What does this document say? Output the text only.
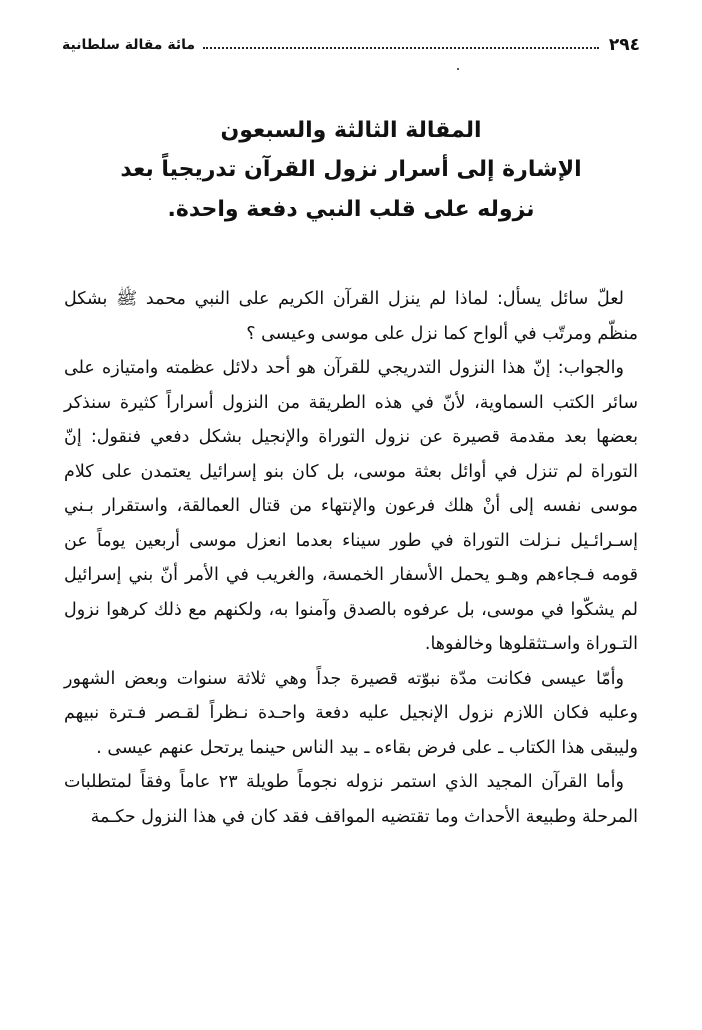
٢٩٤
مائة مقالة سلطانية
المقالة الثالثة والسبعون
الإشارة إلى أسرار نزول القرآن تدريجياً بعد
نزوله على قلب النبي دفعة واحدة.

لعلّ سائل يسأل: لماذا لم ينزل القرآن الكريم على النبي محمد ﷺ بشكل منظّم ومرتّب في ألواح كما نزل على موسى وعيسى ؟

والجواب: إنّ هذا النزول التدريجي للقرآن هو أحد دلائل عظمته وامتيازه على سائر الكتب السماوية، لأنّ في هذه الطريقة من النزول أسراراً كثيرة سنذكر بعضها بعد مقدمة قصيرة عن نزول التوراة والإنجيل بشكل دفعي فنقول: إنّ التوراة لم تنزل في أوائل بعثة موسى، بل كان بنو إسرائيل يعتمدن على كلام موسى نفسه إلى أنْ هلك فرعون والإنتهاء من قتال العمالقة، واستقرار بـني إسـرائـيل نـزلت التوراة في طور سيناء بعدما انعزل موسى أربعين يوماً عن قومه فـجاءهم وهـو يحمل الأسفار الخمسة، والغريب في الأمر أنّ بني إسرائيل لم يشكّوا في موسى، بل عرفوه بالصدق وآمنوا به، ولكنهم مع ذلك كرهوا نزول التـوراة واسـتثقلوها وخالفوها.

وأمّا عيسى فكانت مدّة نبوّته قصيرة جداً وهي ثلاثة سنوات وبعض الشهور وعليه فكان اللازم نزول الإنجيل عليه دفعة واحـدة نـظراً لقـصر فـترة نبيهم وليبقى هذا الكتاب ـ على فرض بقاءه ـ بيد الناس حينما يرتحل عنهم عيسى .

وأما القرآن المجيد الذي استمر نزوله نجوماً طويلة ٢٣ عاماً وفقاً لمتطلبات المرحلة وطبيعة الأحداث وما تقتضيه المواقف فقد كان في هذا النزول حكـمة
